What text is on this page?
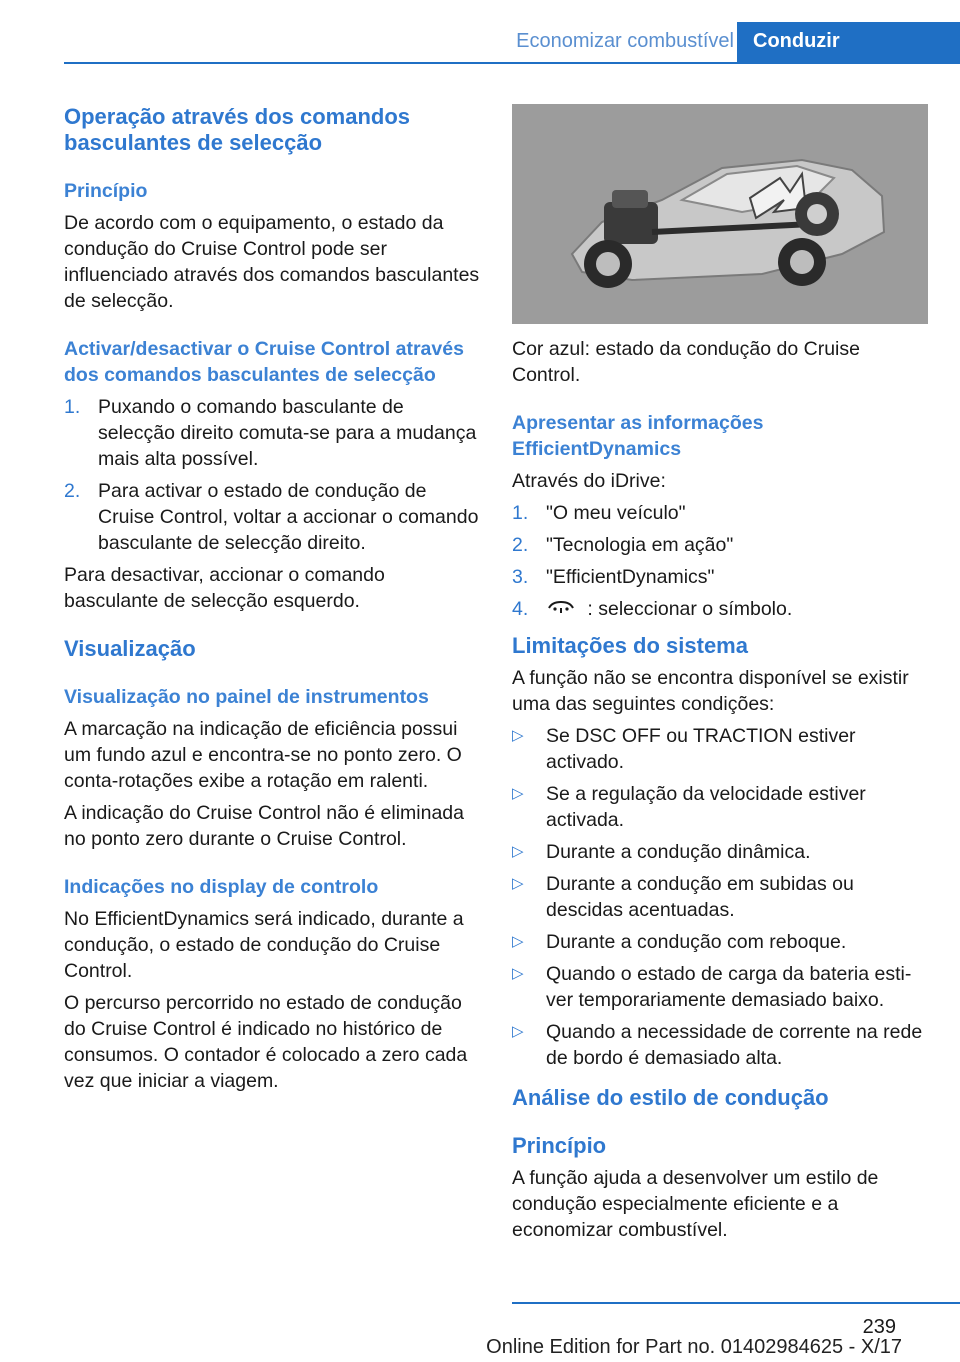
Economizar combustível Conduzir
Operação através dos comandos basculantes de selecção
Princípio

De acordo com o equipamento, o estado da condução do Cruise Control pode ser influenciado através dos comandos basculantes de selecção.

Activar/desactivar o Cruise Control através dos comandos basculantes de selecção
1. Puxando o comando basculante de selecção direito comuta-se para a mudança mais alta possível.
2. Para activar o estado de condução de Cruise Control, voltar a accionar o comando basculante de selecção direito.

Para desactivar, accionar o comando basculante de selecção esquerdo.

Visualização
Visualização no painel de instrumentos

A marcação na indicação de eficiência possui um fundo azul e encontra-se no ponto zero. O conta-rotações exibe a rotação em ralenti.

A indicação do Cruise Control não é eliminada no ponto zero durante o Cruise Control.

Indicações no display de controlo

No EfficientDynamics será indicado, durante a condução, o estado de condução do Cruise Control.

O percurso percorrido no estado de condução do Cruise Control é indicado no histórico de consumos. O contador é colocado a zero cada vez que iniciar a viagem.

Cor azul: estado da condução do Cruise Control.

Apresentar as informações EfficientDynamics

Através do iDrive:

1. "O meu veículo"
2. "Tecnologia em ação"
3. "EfficientDynamics"
4.	: seleccionar o símbolo.
Limitações do sistema

A função não se encontra disponível se existir uma das seguintes condições:

▷ Se DSC OFF ou TRACTION estiver activado.
▷ Se a regulação da velocidade estiver activada.
▷ Durante a condução dinâmica.
▷ Durante a condução em subidas ou descidas acentuadas.
▷ Durante a condução com reboque.
▷ Quando o estado de carga da bateria estiver temporariamente demasiado baixo.
▷ Quando a necessidade de corrente na rede de bordo é demasiado alta.
Análise do estilo de condução
Princípio

A função ajuda a desenvolver um estilo de condução especialmente eficiente e a economizar combustível.

239
Online Edition for Part no. 01402984625 - X/17
